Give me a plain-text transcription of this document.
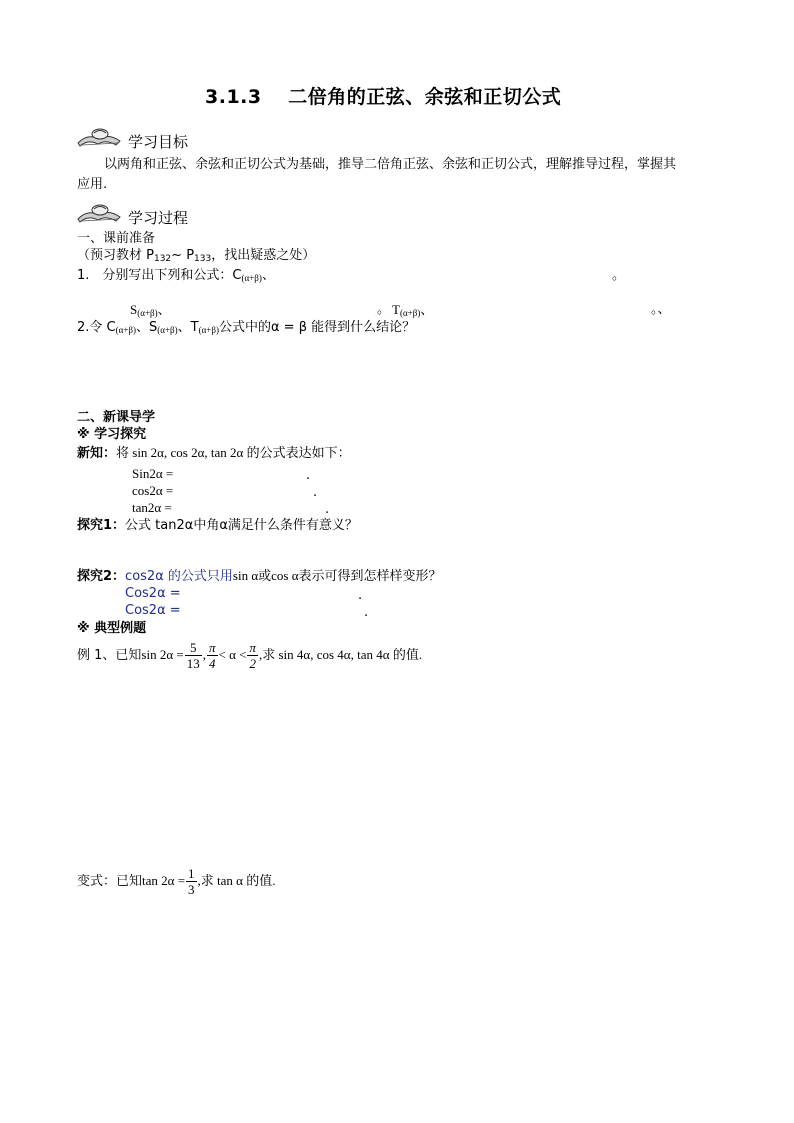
3.1.3　 二倍角的正弦、余弦和正切公式
学习目标
以两角和正弦、余弦和正切公式为基础，推导二倍角正弦、余弦和正切公式，理解推导过程，掌握其
应用.
学习过程
一、课前准备
（预习教材 $P_{132}\sim$ $P_{133}$，找出疑惑之处）
1.　分别写出下列和公式：$C_{(\alpha+\beta)}$、	。
$S_{(\alpha+\beta)}$、	。 $T_{(\alpha+\beta)}$、	。、
2.令 $C_{(\alpha+\beta)}$、$S_{(\alpha+\beta)}$、$T_{(\alpha+\beta)}$公式中的α = β 能得到什么结论？
二、新课导学
※ 学习探究
新知：将 sin 2α, cos 2α, tan 2α 的公式表达如下：
Sin2α =	.
cos2α =	.
tan2α =	.
探究1：公式 tan2α中角α满足什么条件有意义？
探究2：cos2α 的公式只用sin α或cos α表示可得到怎样样变形？
Cos2α =	.
Cos2α =	.
※ 典型例题
例 1、已知$\sin 2\alpha = \frac{5}{13}$ , $\frac{\pi}{4} < \alpha < \frac{\pi}{2}$ ,求 sin 4α, cos 4α, tan 4α 的值.
变式：已知$\tan 2\alpha = \frac{1}{3}$ ,求 tan α 的值.
